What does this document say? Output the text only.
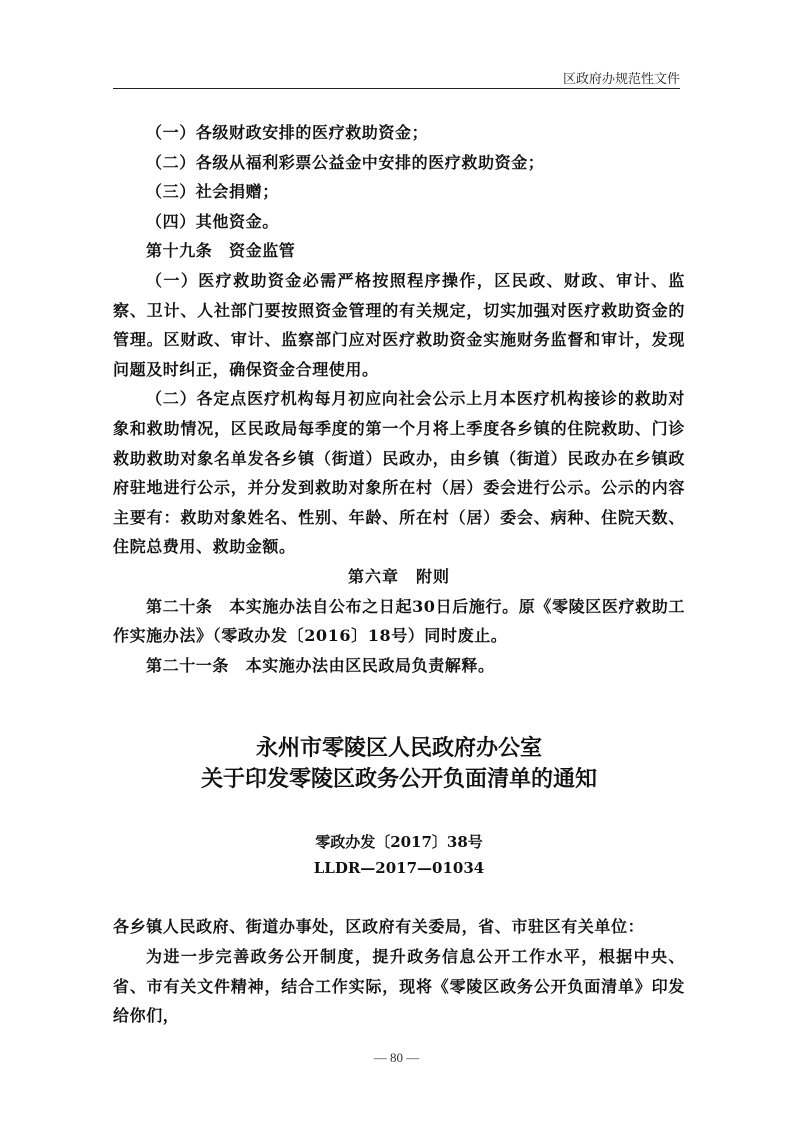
区政府办规范性文件

（一）各级财政安排的医疗救助资金；

（二）各级从福利彩票公益金中安排的医疗救助资金；

（三）社会捐赠；

（四）其他资金。

第十九条　资金监管

（一）医疗救助资金必需严格按照程序操作，区民政、财政、审计、监察、卫计、人社部门要按照资金管理的有关规定，切实加强对医疗救助资金的管理。区财政、审计、监察部门应对医疗救助资金实施财务监督和审计，发现问题及时纠正，确保资金合理使用。

（二）各定点医疗机构每月初应向社会公示上月本医疗机构接诊的救助对象和救助情况，区民政局每季度的第一个月将上季度各乡镇的住院救助、门诊救助救助对象名单发各乡镇（街道）民政办，由乡镇（街道）民政办在乡镇政府驻地进行公示，并分发到救助对象所在村（居）委会进行公示。公示的内容主要有：救助对象姓名、性别、年龄、所在村（居）委会、病种、住院天数、住院总费用、救助金额。

第六章　附则

第二十条　本实施办法自公布之日起30日后施行。原《零陵区医疗救助工作实施办法》（零政办发〔2016〕18号）同时废止。

第二十一条　本实施办法由区民政局负责解释。

永州市零陵区人民政府办公室
关于印发零陵区政务公开负面清单的通知
零政办发〔2017〕38号
LLDR—2017—01034

各乡镇人民政府、街道办事处，区政府有关委局，省、市驻区有关单位：

为进一步完善政务公开制度，提升政务信息公开工作水平，根据中央、省、市有关文件精神，结合工作实际，现将《零陵区政务公开负面清单》印发给你们，

— 80 —
